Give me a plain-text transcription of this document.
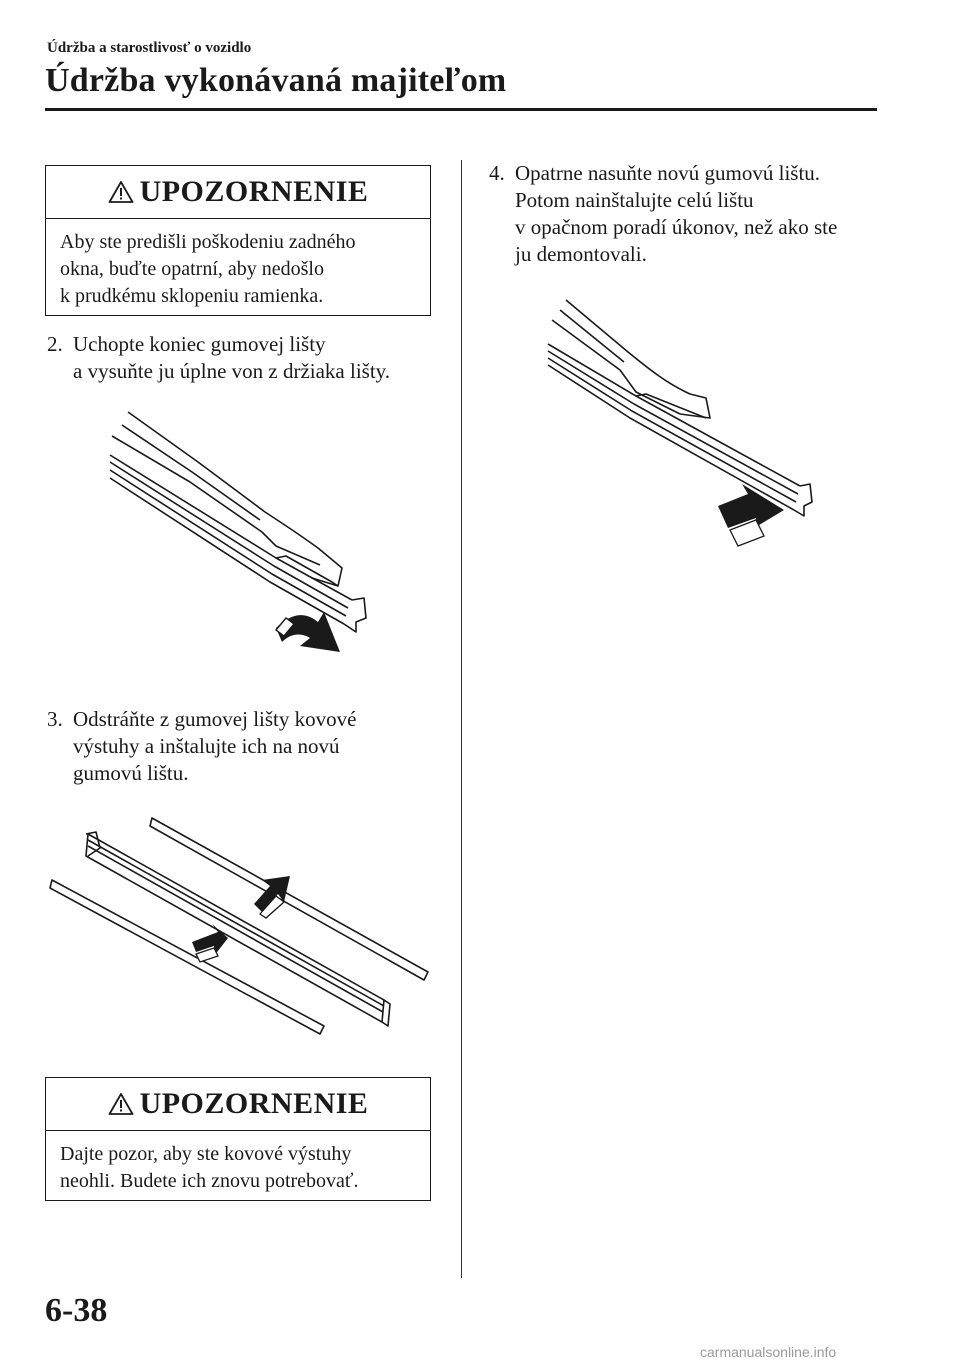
Údržba a starostlivosť o vozidlo
Údržba vykonávaná majiteľom
UPOZORNENIE
Aby ste predišli poškodeniu zadného
okna, buďte opatrní, aby nedošlo
k prudkému sklopeniu ramienka.
2. Uchopte koniec gumovej lišty
a vysuňte ju úplne von z držiaka lišty.
3. Odstráňte z gumovej lišty kovové
výstuhy a inštalujte ich na novú
gumovú lištu.
UPOZORNENIE
Dajte pozor, aby ste kovové výstuhy
neohli. Budete ich znovu potrebovať.
4. Opatrne nasuňte novú gumovú lištu.
Potom nainštalujte celú lištu
v opačnom poradí úkonov, než ako ste
ju demontovali.
6-38
carmanualsonline.info
